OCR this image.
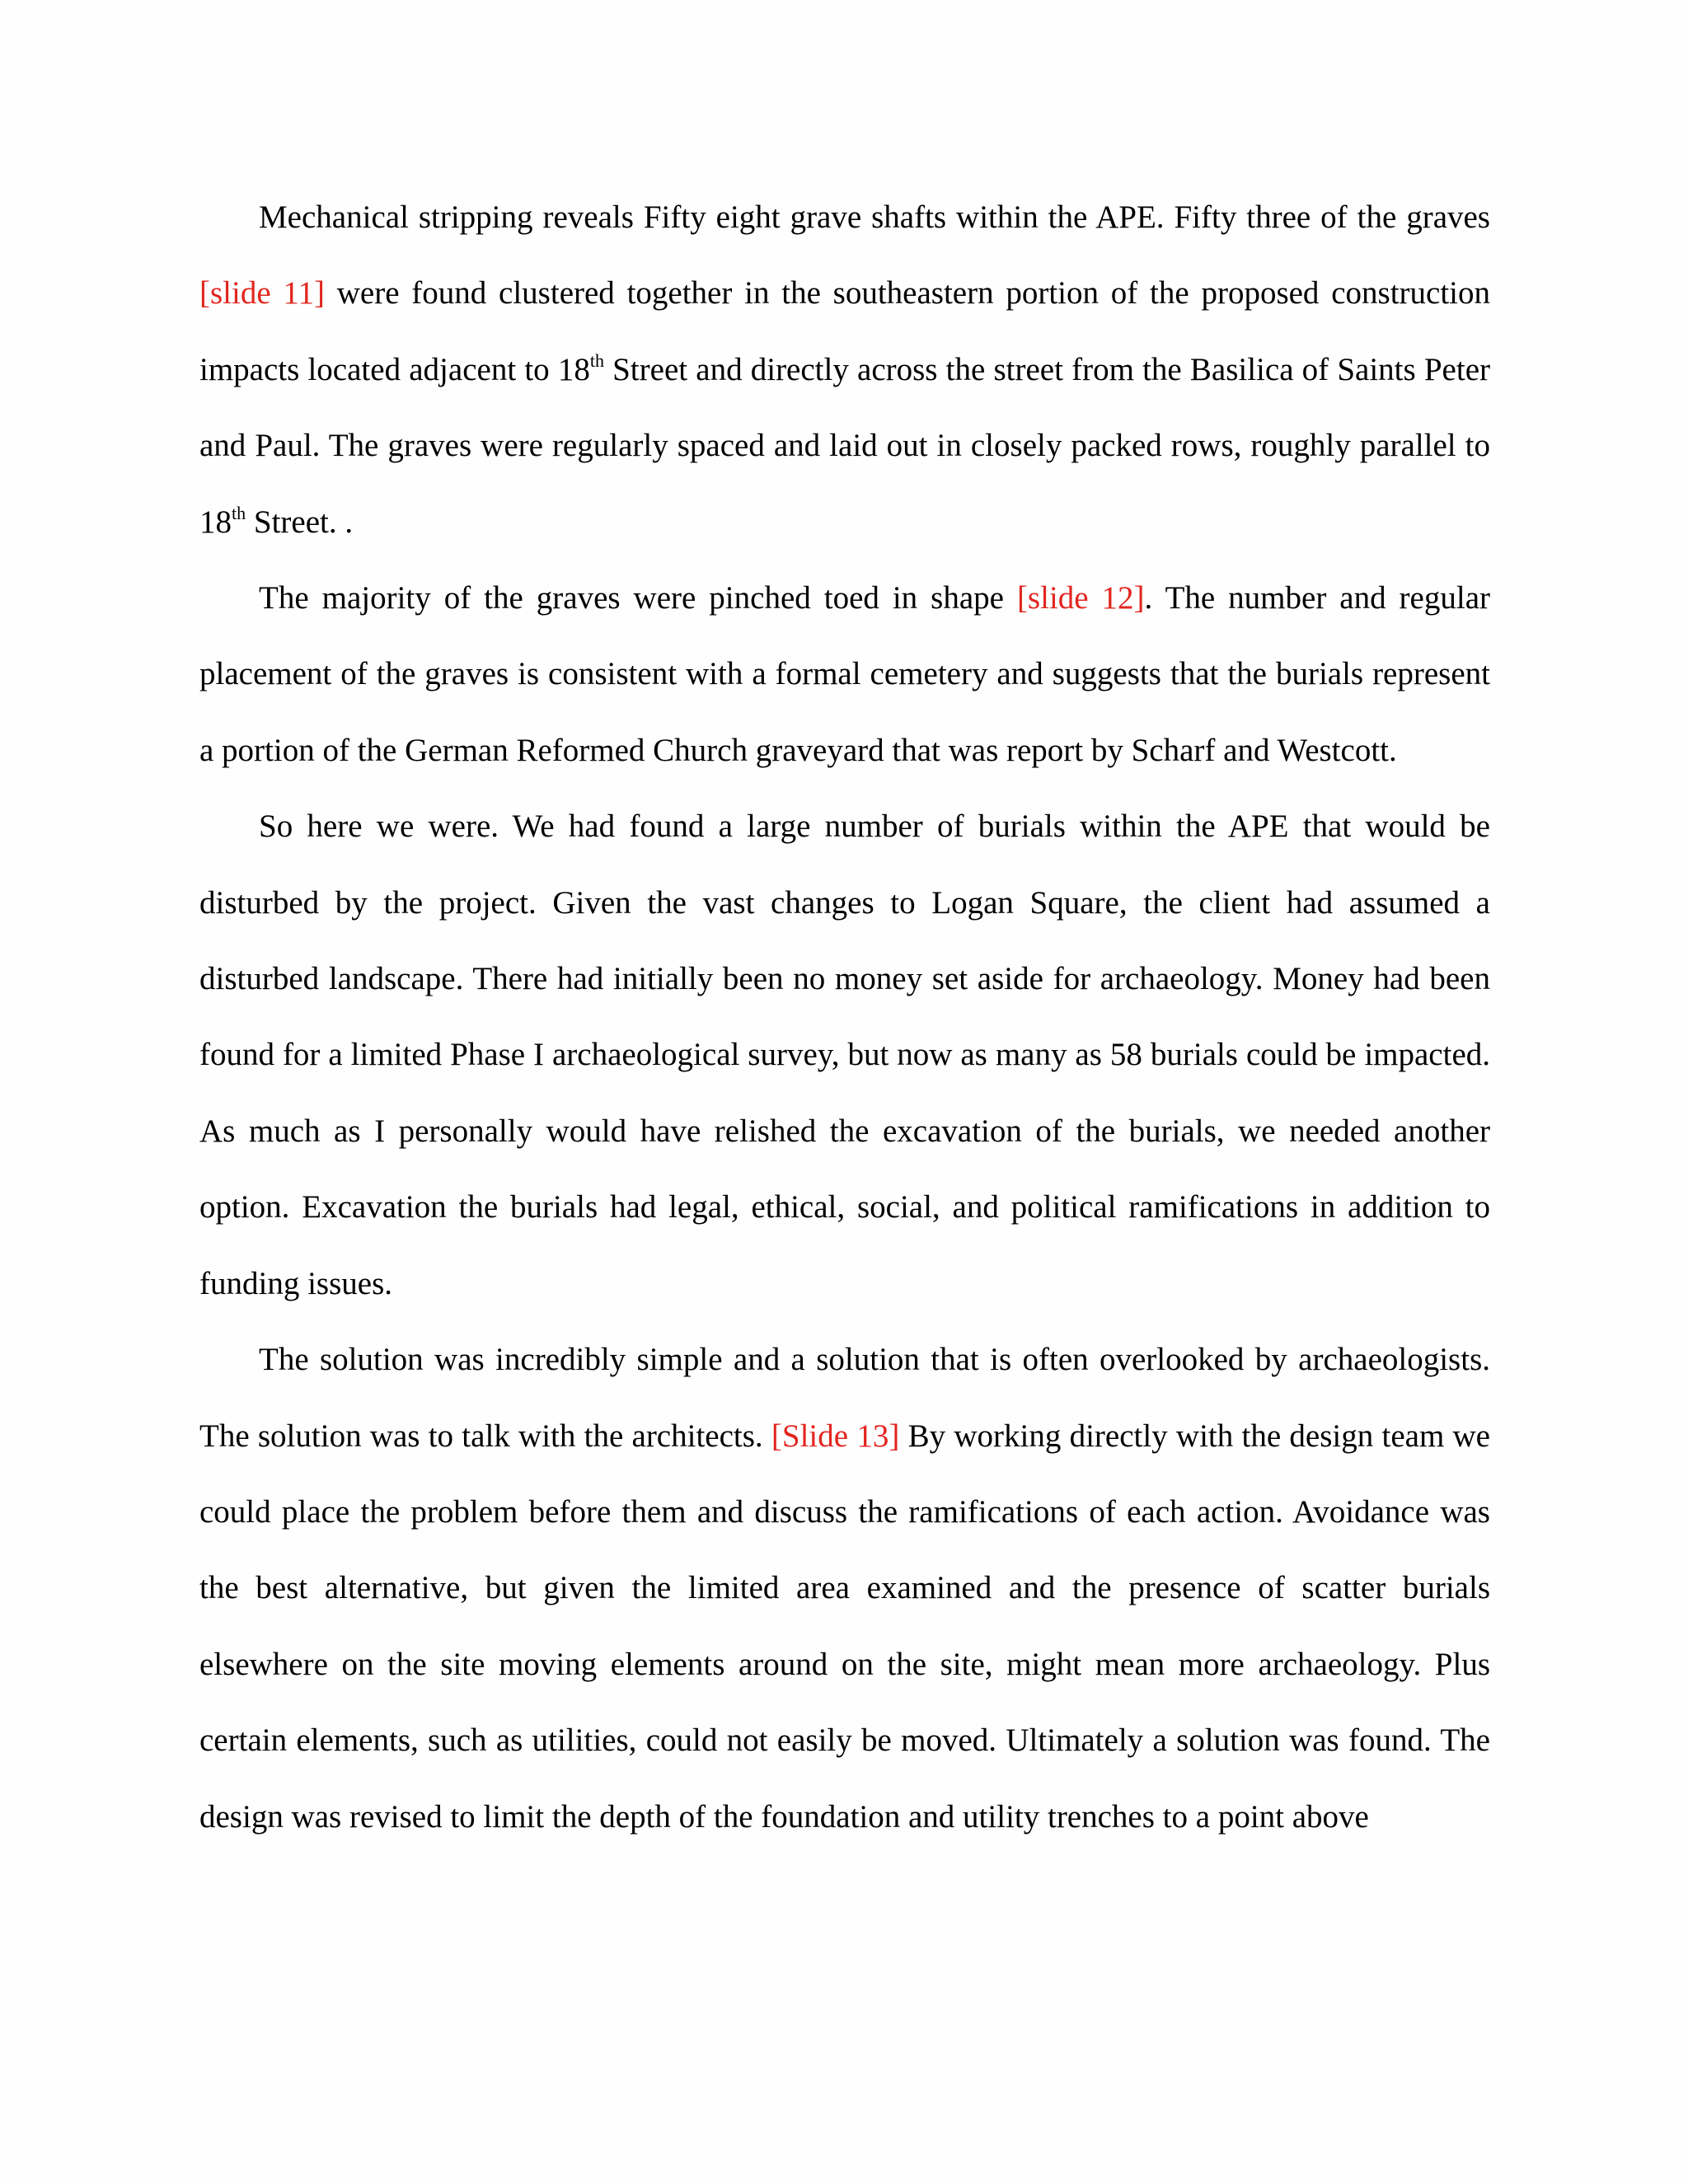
Mechanical stripping reveals Fifty eight grave shafts within the APE. Fifty three of the graves [slide 11] were found clustered together in the southeastern portion of the proposed construction impacts located adjacent to 18th Street and directly across the street from the Basilica of Saints Peter and Paul. The graves were regularly spaced and laid out in closely packed rows, roughly parallel to 18th Street. .

The majority of the graves were pinched toed in shape [slide 12]. The number and regular placement of the graves is consistent with a formal cemetery and suggests that the burials represent a portion of the German Reformed Church graveyard that was report by Scharf and Westcott.

So here we were. We had found a large number of burials within the APE that would be disturbed by the project. Given the vast changes to Logan Square, the client had assumed a disturbed landscape. There had initially been no money set aside for archaeology. Money had been found for a limited Phase I archaeological survey, but now as many as 58 burials could be impacted. As much as I personally would have relished the excavation of the burials, we needed another option. Excavation the burials had legal, ethical, social, and political ramifications in addition to funding issues.

The solution was incredibly simple and a solution that is often overlooked by archaeologists. The solution was to talk with the architects. [Slide 13] By working directly with the design team we could place the problem before them and discuss the ramifications of each action. Avoidance was the best alternative, but given the limited area examined and the presence of scatter burials elsewhere on the site moving elements around on the site, might mean more archaeology. Plus certain elements, such as utilities, could not easily be moved. Ultimately a solution was found. The design was revised to limit the depth of the foundation and utility trenches to a point above
